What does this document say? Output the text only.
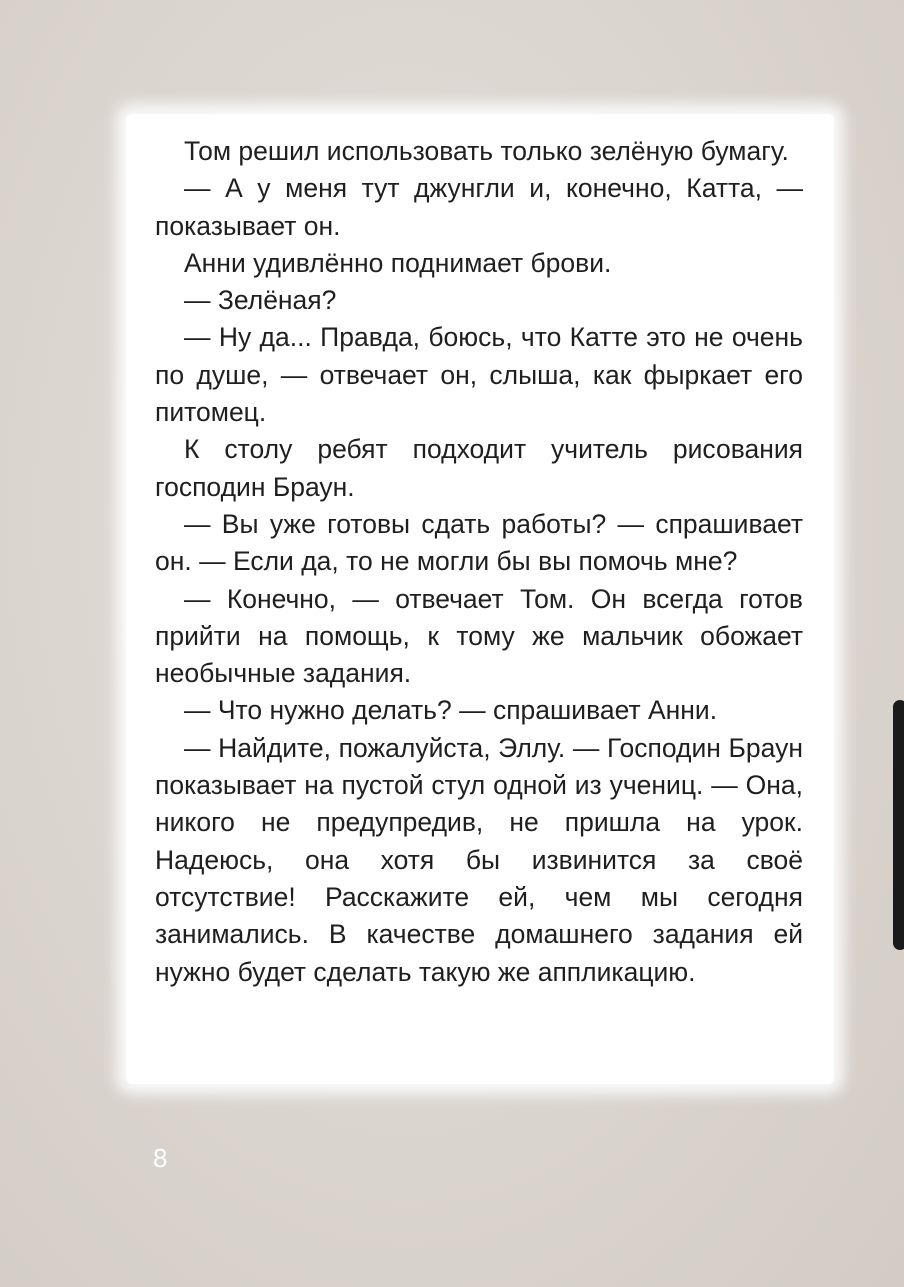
Том решил использовать только зелёную бумагу.

— А у меня тут джунгли и, конечно, Катта, — показывает он.

Анни удивлённо поднимает брови.

— Зелёная?

— Ну да... Правда, боюсь, что Катте это не очень по душе, — отвечает он, слыша, как фыркает его питомец.

К столу ребят подходит учитель рисования господин Браун.

— Вы уже готовы сдать работы? — спрашивает он. — Если да, то не могли бы вы помочь мне?

— Конечно, — отвечает Том. Он всегда готов прийти на помощь, к тому же мальчик обожает необычные задания.

— Что нужно делать? — спрашивает Анни.

— Найдите, пожалуйста, Эллу. — Господин Браун показывает на пустой стул одной из учениц. — Она, никого не предупредив, не пришла на урок. Надеюсь, она хотя бы извинится за своё отсутствие! Расскажите ей, чем мы сегодня занимались. В качестве домашнего задания ей нужно будет сделать такую же аппликацию.

8
